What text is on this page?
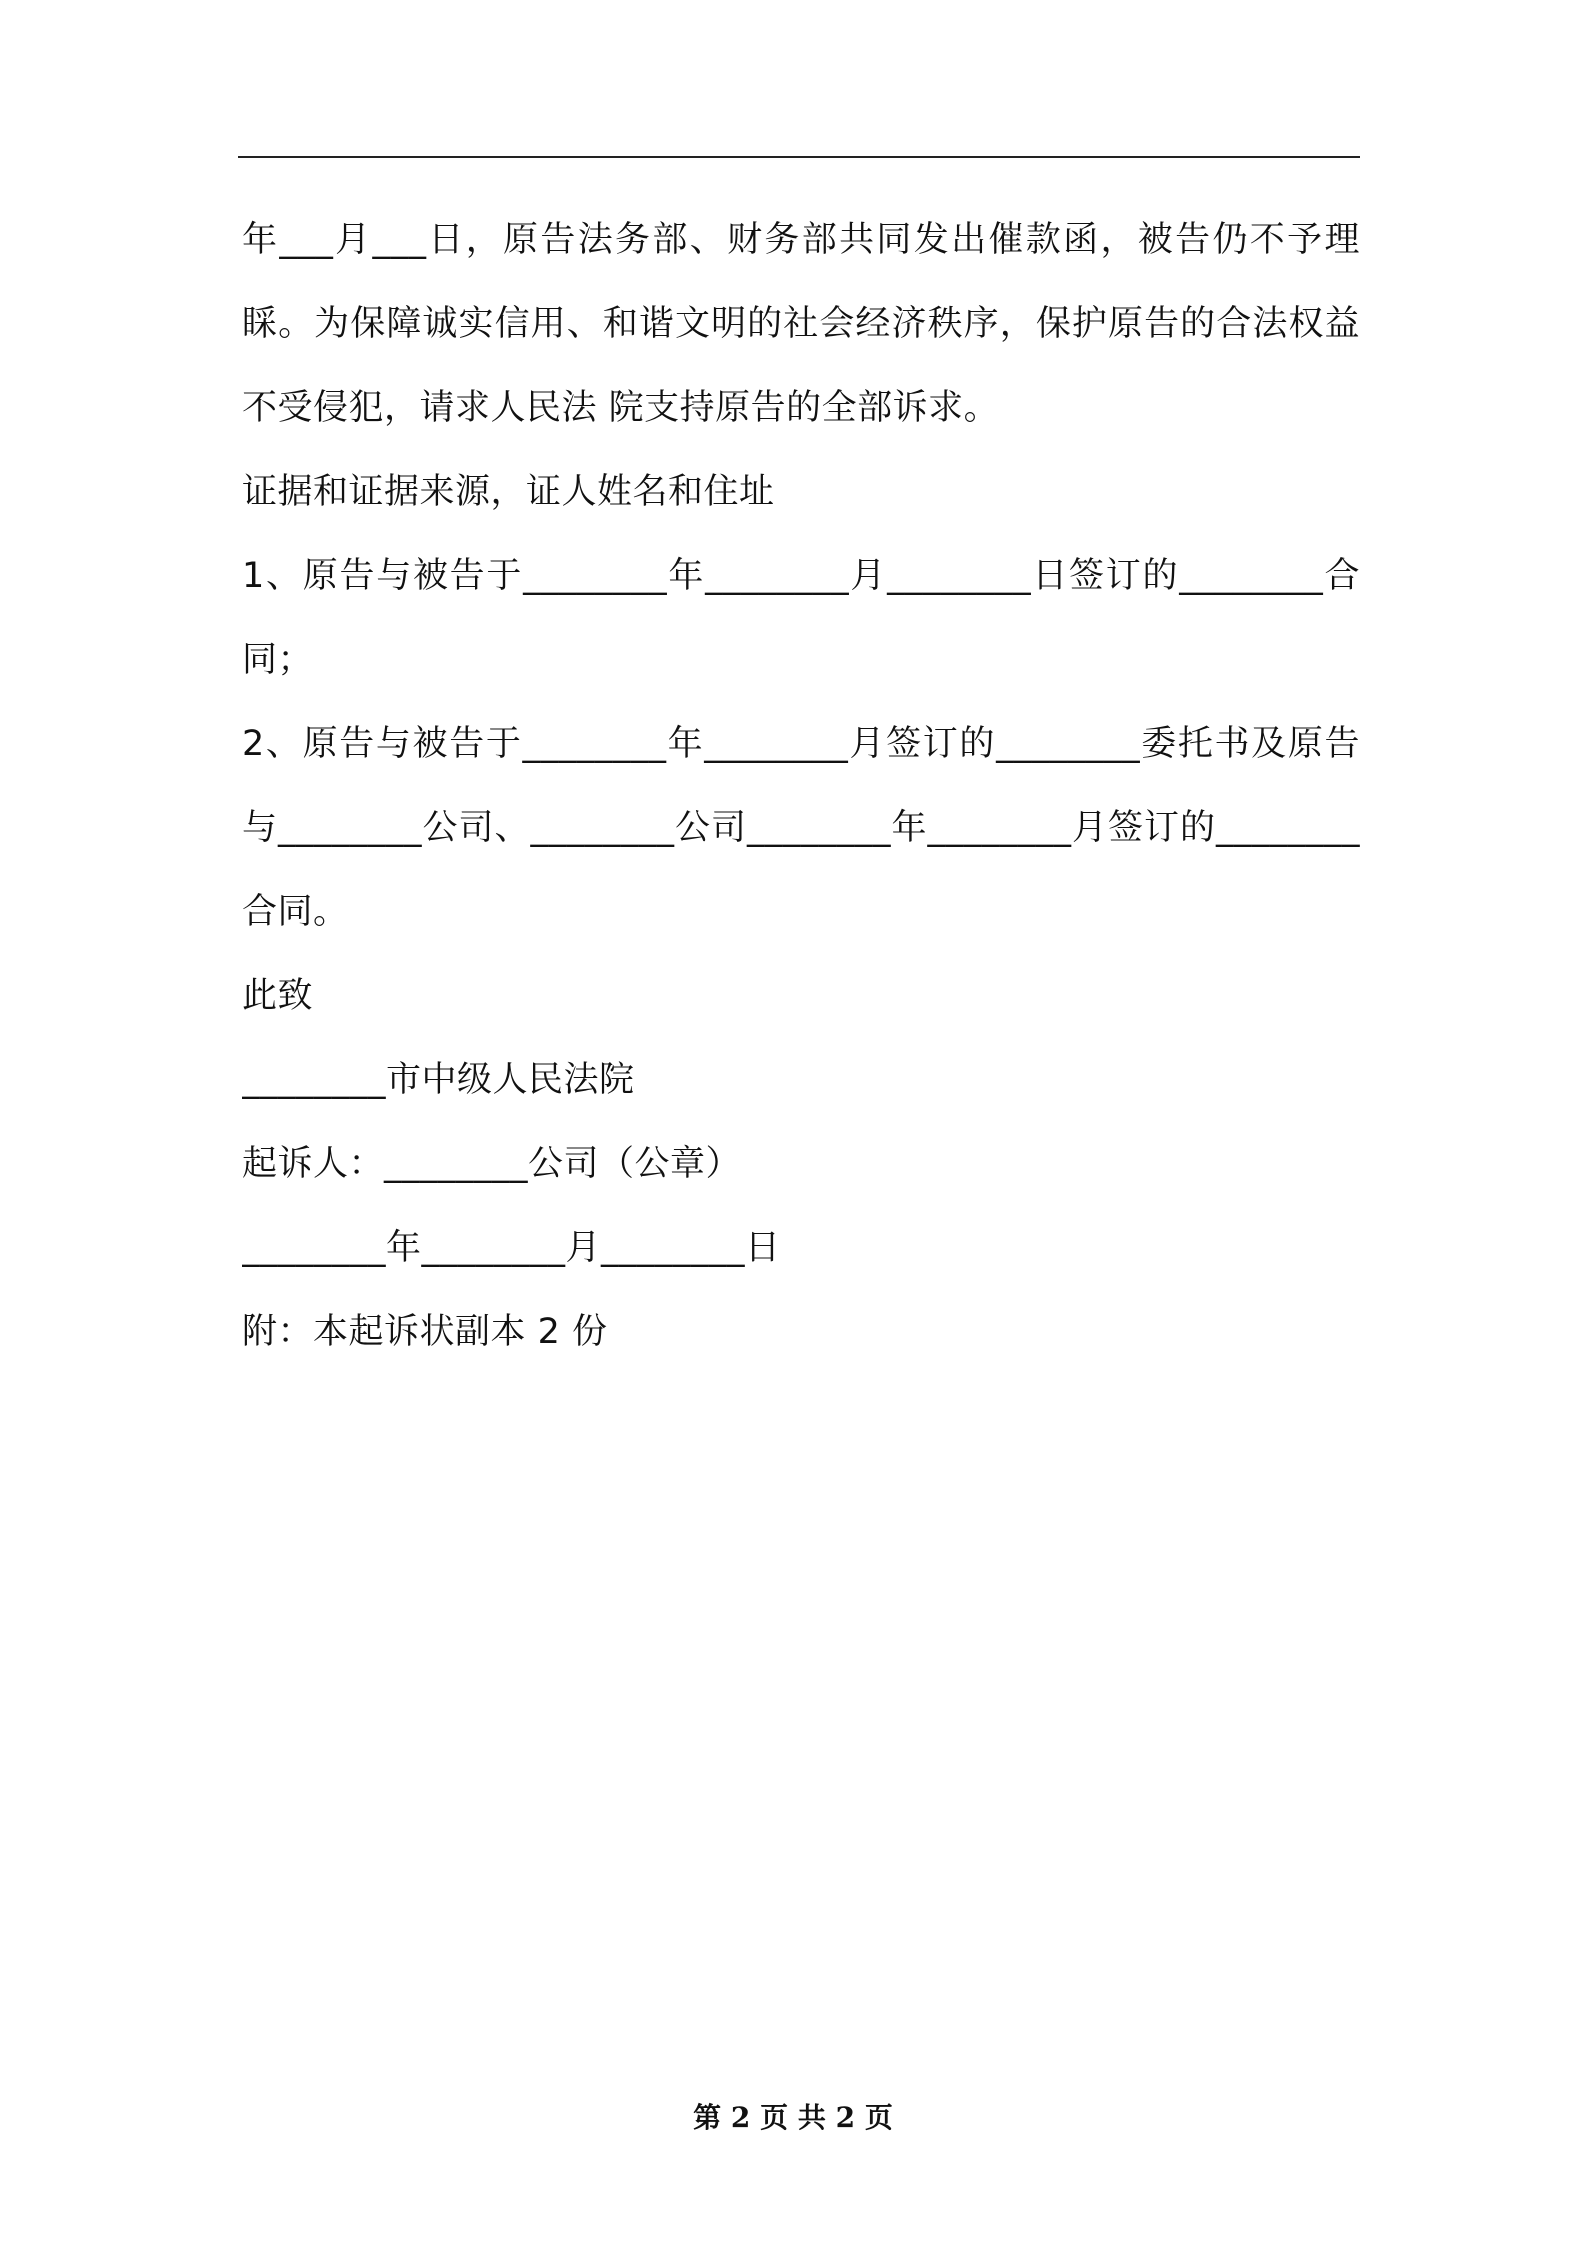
年___月___日，原告法务部、财务部共同发出催款函，被告仍不予理睬。为保障诚实信用、和谐文明的社会经济秩序，保护原告的合法权益不受侵犯，请求人民法 院支持原告的全部诉求。

证据和证据来源，证人姓名和住址

1、原告与被告于________年________月________日签订的________合同；

2、原告与被告于________年________月签订的________委托书及原告与________公司、________公司________年________月签订的________合同。

此致

________市中级人民法院

起诉人：________公司（公章）

________年________月________日

附：本起诉状副本 2 份

第 2 页 共 2 页
